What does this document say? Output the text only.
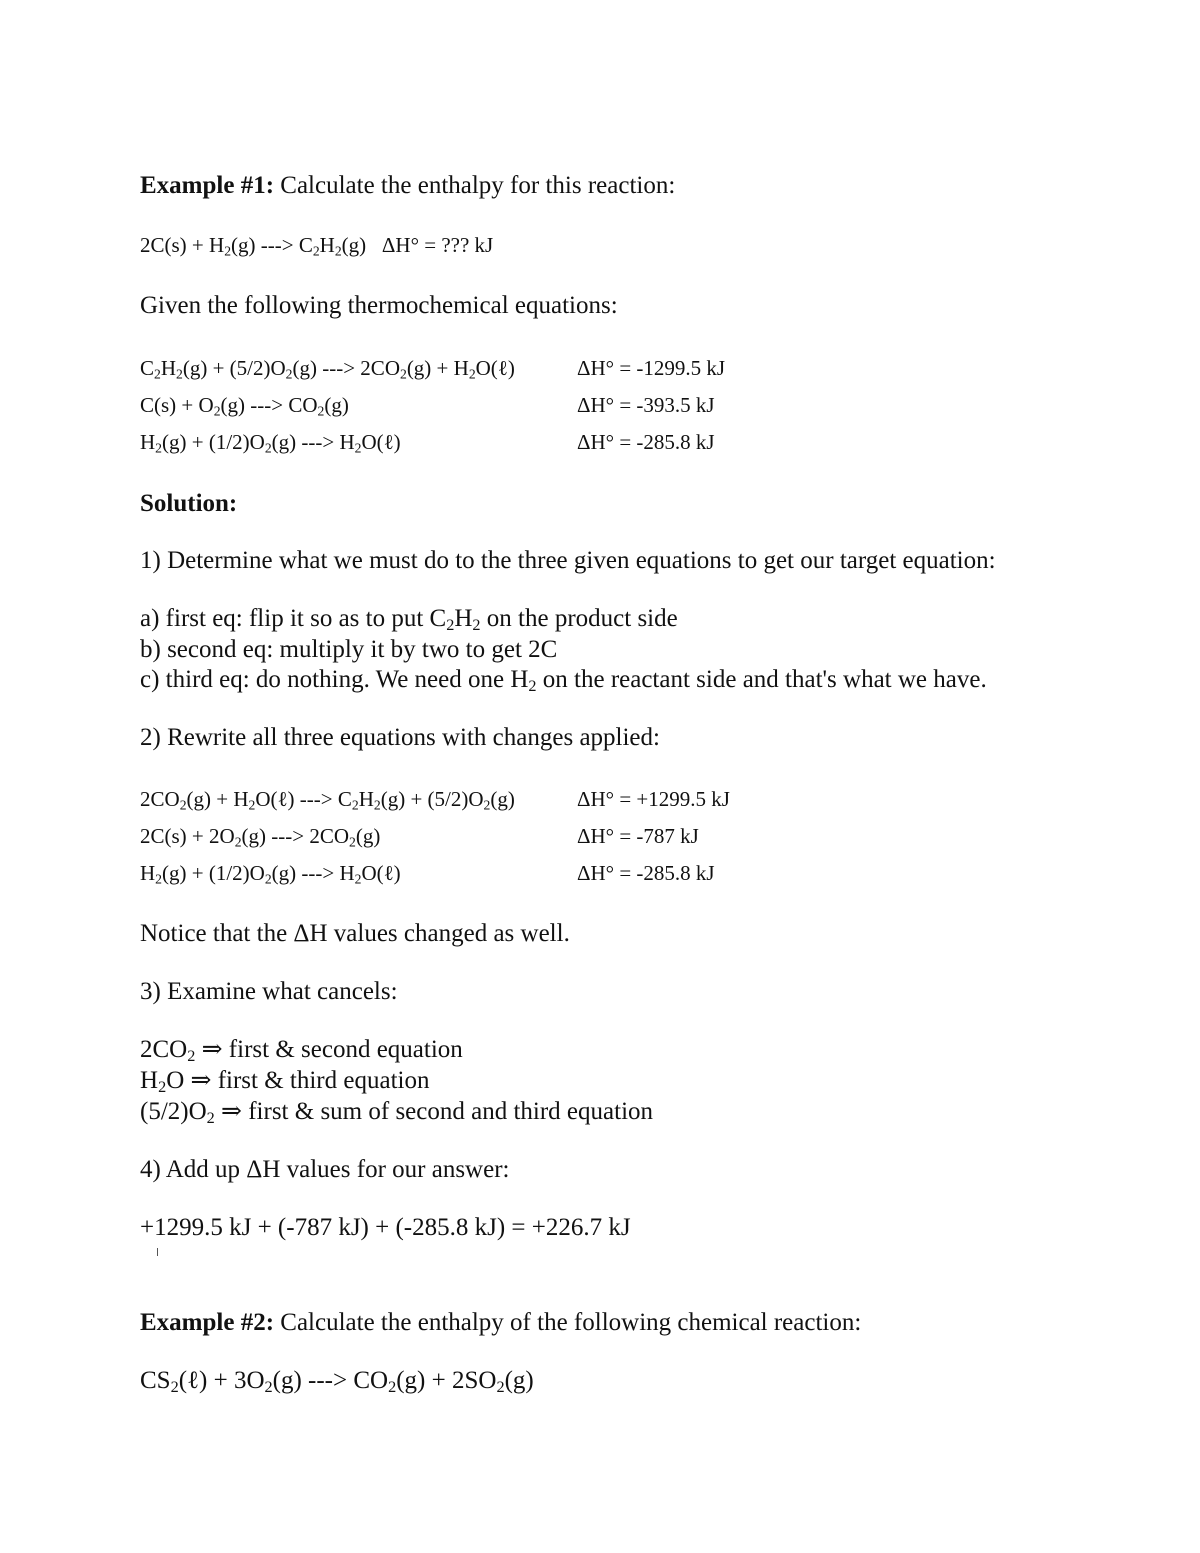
Example #1: Calculate the enthalpy for this reaction:
$2C(s) + H_2(g)$ ---> $C_2H_2(g) \Delta H^\circ$ = ??? kJ
Given the following thermochemical equations:
$C_2H_2(g) + (5/2)O_2(g)$ ---> $2CO_2(g)$ + $H_2O(\ell)$	ΔH° = -1299.5 kJ
$C(s) + O_2(g)$ ---> $CO_2(g)$	ΔH° = -393.5 kJ
$H_2(g) + (1/2)O_2(g)$ ---> $H_2O(\ell)$	ΔH° = -285.8 kJ
Solution:
1) Determine what we must do to the three given equations to get our target equation:
a) first eq: flip it so as to put $C_2H_2$ on the product side
b) second eq: multiply it by two to get 2C
c) third eq: do nothing. We need one $H_2$ on the reactant side and that's what we have.
2) Rewrite all three equations with changes applied:
$2CO_2(g)$ + $H_2O(\ell)$ ---> $C_2H_2(g) + (5/2)O_2(g)$	ΔH° = +1299.5 kJ
$2C(s) + 2O_2(g)$ ---> $2CO_2(g)$	ΔH° = -787 kJ
$H_2(g) + (1/2)O_2(g)$ ---> $H_2O(\ell)$	ΔH° = -285.8 kJ
Notice that the ΔH values changed as well.
3) Examine what cancels:
$2CO_2$ ⇒ first & second equation
$H_2O$ ⇒ first & third equation
$(5/2)O_2$ ⇒ first & sum of second and third equation
4) Add up ΔH values for our answer:
+1299.5 kJ + (-787 kJ) + (-285.8 kJ) = +226.7 kJ
Example #2: Calculate the enthalpy of the following chemical reaction:
$CS_2(\ell) + 3O_2(g)$ ---> $CO_2(g) + 2SO_2(g)$
